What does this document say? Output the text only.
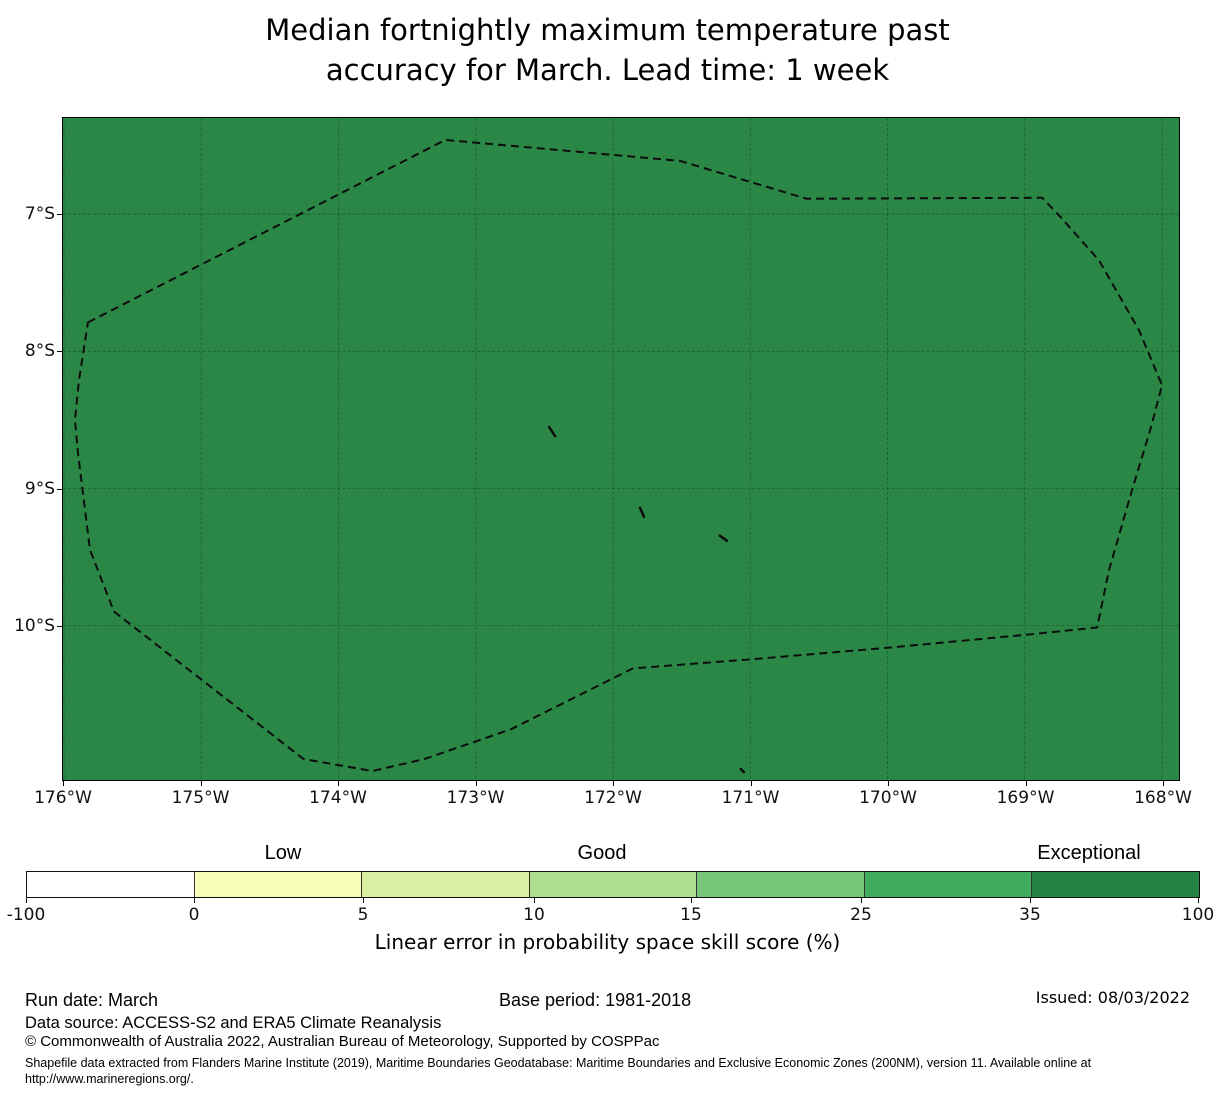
Median fortnightly maximum temperature past
accuracy for March. Lead time: 1 week
176°W	175°W	174°W	173°W	172°W	171°W	170°W	169°W	168°W
7°S
8°S
9°S
10°S
Low	Good	Exceptional
-100	0	5	10	15	25	35	100
Linear error in probability space skill score (%)
Run date: March	Base period: 1981-2018	Issued: 08/03/2022
Data source: ACCESS-S2 and ERA5 Climate Reanalysis
© Commonwealth of Australia 2022, Australian Bureau of Meteorology, Supported by COSPPac
Shapefile data extracted from Flanders Marine Institute (2019), Maritime Boundaries Geodatabase: Maritime Boundaries and Exclusive Economic Zones (200NM), version 11. Available online at
http://www.marineregions.org/.
